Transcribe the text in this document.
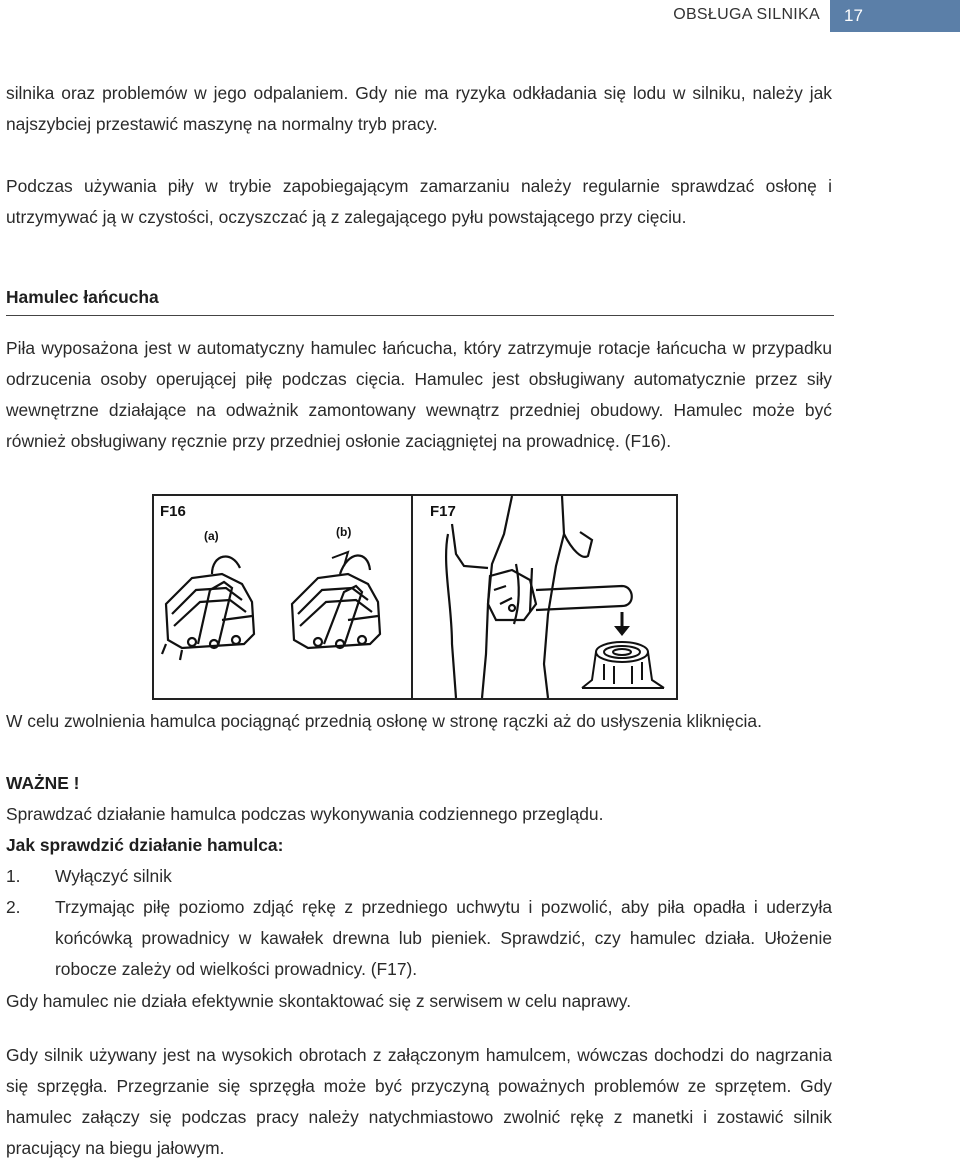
OBSŁUGA SILNIKA	17

silnika oraz problemów w jego odpalaniem. Gdy nie ma ryzyka odkładania się lodu w silniku, należy jak najszybciej przestawić maszynę na normalny tryb pracy.

Podczas używania piły w trybie zapobiegającym zamarzaniu należy regularnie sprawdzać osłonę i utrzymywać ją w czystości, oczyszczać ją z zalegającego pyłu powstającego przy cięciu.

Hamulec łańcucha

Piła wyposażona jest w automatyczny hamulec łańcucha, który zatrzymuje rotacje łańcucha w przypadku odrzucenia osoby operującej piłę podczas cięcia. Hamulec jest obsługiwany automatycznie przez siły wewnętrzne działające na odważnik zamontowany wewnątrz przedniej obudowy. Hamulec może być również obsługiwany ręcznie przy przedniej osłonie zaciągniętej na prowadnicę. (F16).

F16
(a)	(b)
F17

W celu zwolnienia hamulca pociągnąć przednią osłonę w stronę rączki aż do usłyszenia kliknięcia.

WAŻNE !

Sprawdzać działanie hamulca podczas wykonywania codziennego przeglądu.

Jak sprawdzić działanie hamulca:
1. Wyłączyć silnik

2. Trzymając piłę poziomo zdjąć rękę z przedniego uchwytu i pozwolić, aby piła opadła i uderzyła końcówką prowadnicy w kawałek drewna lub pieniek. Sprawdzić, czy hamulec działa. Ułożenie robocze zależy od wielkości prowadnicy. (F17).

Gdy hamulec nie działa efektywnie skontaktować się z serwisem w celu naprawy.

Gdy silnik używany jest na wysokich obrotach z załączonym hamulcem, wówczas dochodzi do nagrzania się sprzęgła. Przegrzanie się sprzęgła może być przyczyną poważnych problemów ze sprzętem. Gdy hamulec załączy się podczas pracy należy natychmiastowo zwolnić rękę z manetki i zostawić silnik pracujący na biegu jałowym.
